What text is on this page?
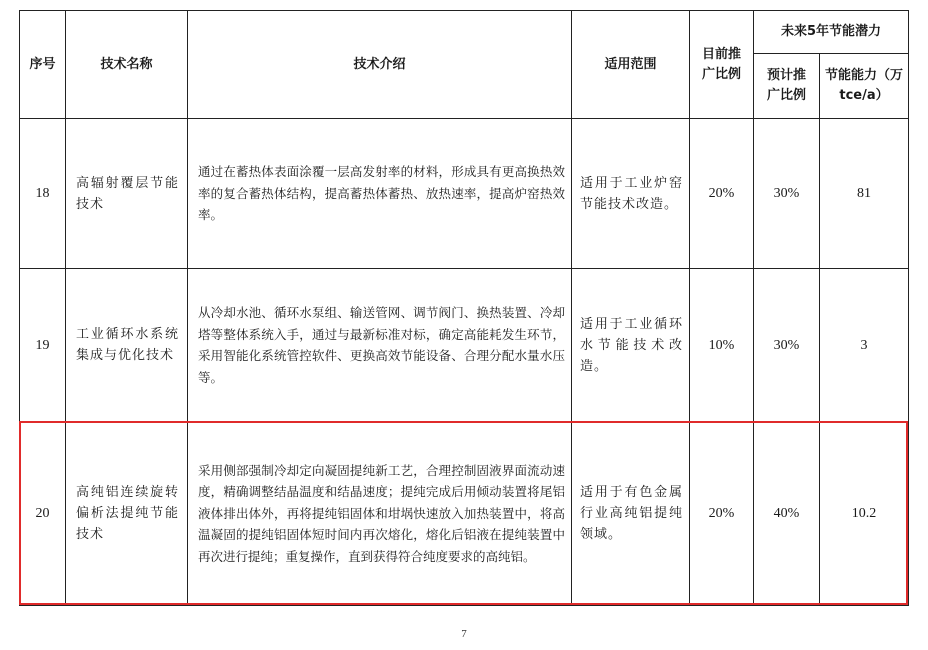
序号	技术名称	技术介绍	适用范围	目前推广比例	未来5年节能潜力	
					预计推广比例	节能能力（万 tce/a）
18	高辐射覆层节能技术	通过在蓄热体表面涂覆一层高发射率的材料，形成具有更高换热效率的复合蓄热体结构，提高蓄热体蓄热、放热速率，提高炉窑热效率。	适用于工业炉窑节能技术改造。	20%	30%	81
19	工业循环水系统集成与优化技术	从冷却水池、循环水泵组、输送管网、调节阀门、换热装置、冷却塔等整体系统入手，通过与最新标准对标，确定高能耗发生环节，采用智能化系统管控软件、更换高效节能设备、合理分配水量水压等。	适用于工业循环水节能技术改造。	10%	30%	3
20	高纯铝连续旋转偏析法提纯节能技术	采用侧部强制冷却定向凝固提纯新工艺，合理控制固液界面流动速度，精确调整结晶温度和结晶速度；提纯完成后用倾动装置将尾铝液体排出体外，再将提纯铝固体和坩埚快速放入加热装置中，将高温凝固的提纯铝固体短时间内再次熔化，熔化后铝液在提纯装置中再次进行提纯；重复操作，直到获得符合纯度要求的高纯铝。	适用于有色金属行业高纯铝提纯领域。	20%	40%	10.2
7
